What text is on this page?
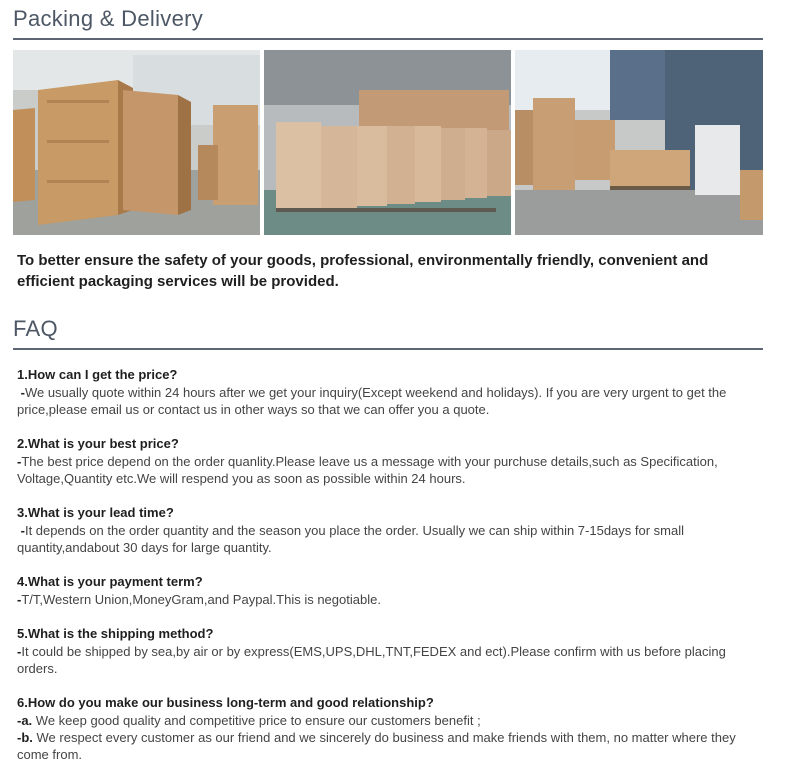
Packing & Delivery

To better ensure the safety of your goods, professional, environmentally friendly, convenient and efficient packaging services will be provided.

FAQ

1.How can I get the price?

-We usually quote within 24 hours after we get your inquiry(Except weekend and holidays). If you are very urgent to get the price,please email us or contact us in other ways so that we can offer you a quote.

2.What is your best price?

-The best price depend on the order quanlity.Please leave us a message with your purchuse details,such as Specification, Voltage,Quantity etc.We will respend you as soon as possible within 24 hours.

3.What is your lead time?

-It depends on the order quantity and the season you place the order. Usually we can ship within 7-15days for small quantity,andabout 30 days for large quantity.

4.What is your payment term?

-T/T,Western Union,MoneyGram,and Paypal.This is negotiable.

5.What is the shipping method?

-It could be shipped by sea,by air or by express(EMS,UPS,DHL,TNT,FEDEX and ect).Please confirm with us before placing orders.

6.How do you make our business long-term and good relationship?

-a. We keep good quality and competitive price to ensure our customers benefit ;

-b. We respect every customer as our friend and we sincerely do business and make friends with them, no matter where they come from.
